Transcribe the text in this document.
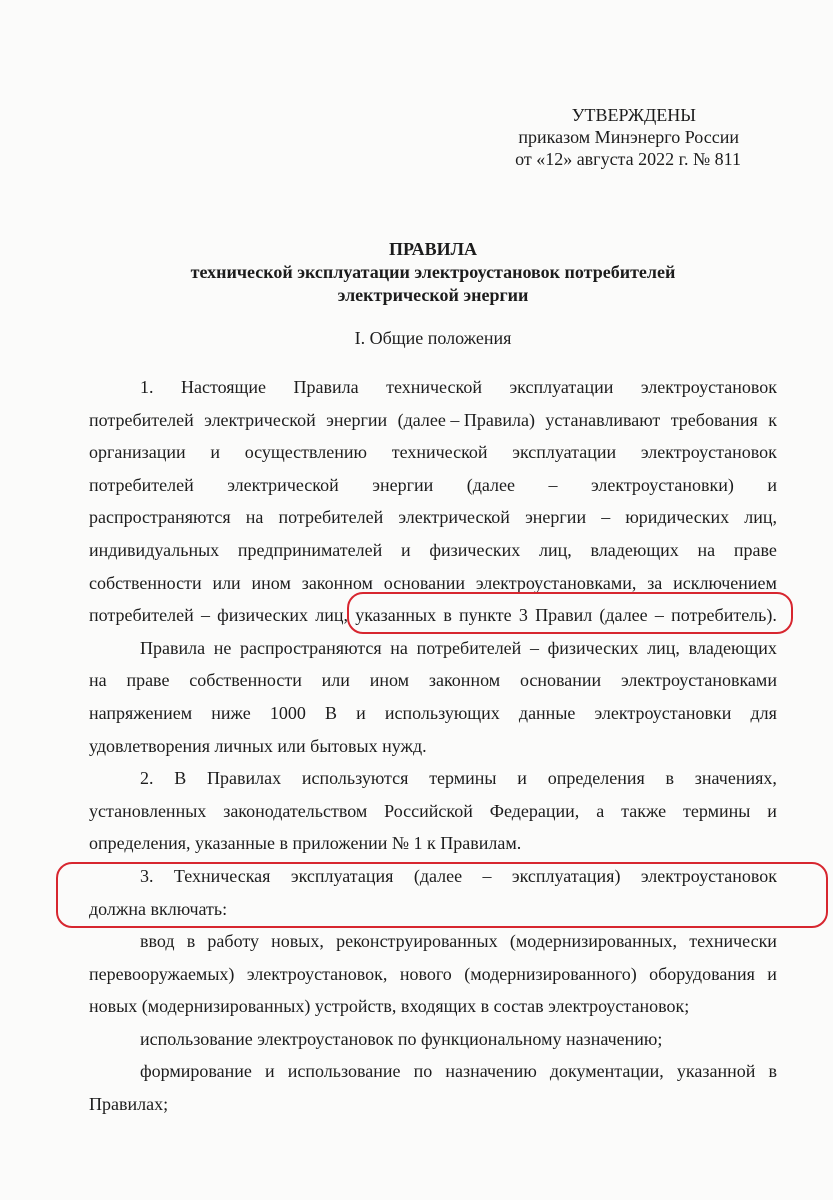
УТВЕРЖДЕНЫ
приказом Минэнерго России
от «12» августа 2022 г. № 811
ПРАВИЛА
технической эксплуатации электроустановок потребителей
электрической энергии
I. Общие положения
1. Настоящие Правила технической эксплуатации электроустановок
потребителей электрической энергии (далее – Правила) устанавливают требования к
организации и осуществлению технической эксплуатации электроустановок
потребителей электрической энергии (далее – электроустановки) и
распространяются на потребителей электрической энергии – юридических лиц,
индивидуальных предпринимателей и физических лиц, владеющих на праве
собственности или ином законном основании электроустановками, за исключением
потребителей – физических лиц, указанных в пункте 3 Правил (далее – потребитель).
Правила не распространяются на потребителей – физических лиц, владеющих
на праве собственности или ином законном основании электроустановками
напряжением ниже 1000 В и использующих данные электроустановки для
удовлетворения личных или бытовых нужд.
2. В Правилах используются термины и определения в значениях,
установленных законодательством Российской Федерации, а также термины и
определения, указанные в приложении № 1 к Правилам.
3. Техническая эксплуатация (далее – эксплуатация) электроустановок
должна включать:
ввод в работу новых, реконструированных (модернизированных, технически
перевооружаемых) электроустановок, нового (модернизированного) оборудования и
новых (модернизированных) устройств, входящих в состав электроустановок;
использование электроустановок по функциональному назначению;
формирование и использование по назначению документации, указанной в
Правилах;
